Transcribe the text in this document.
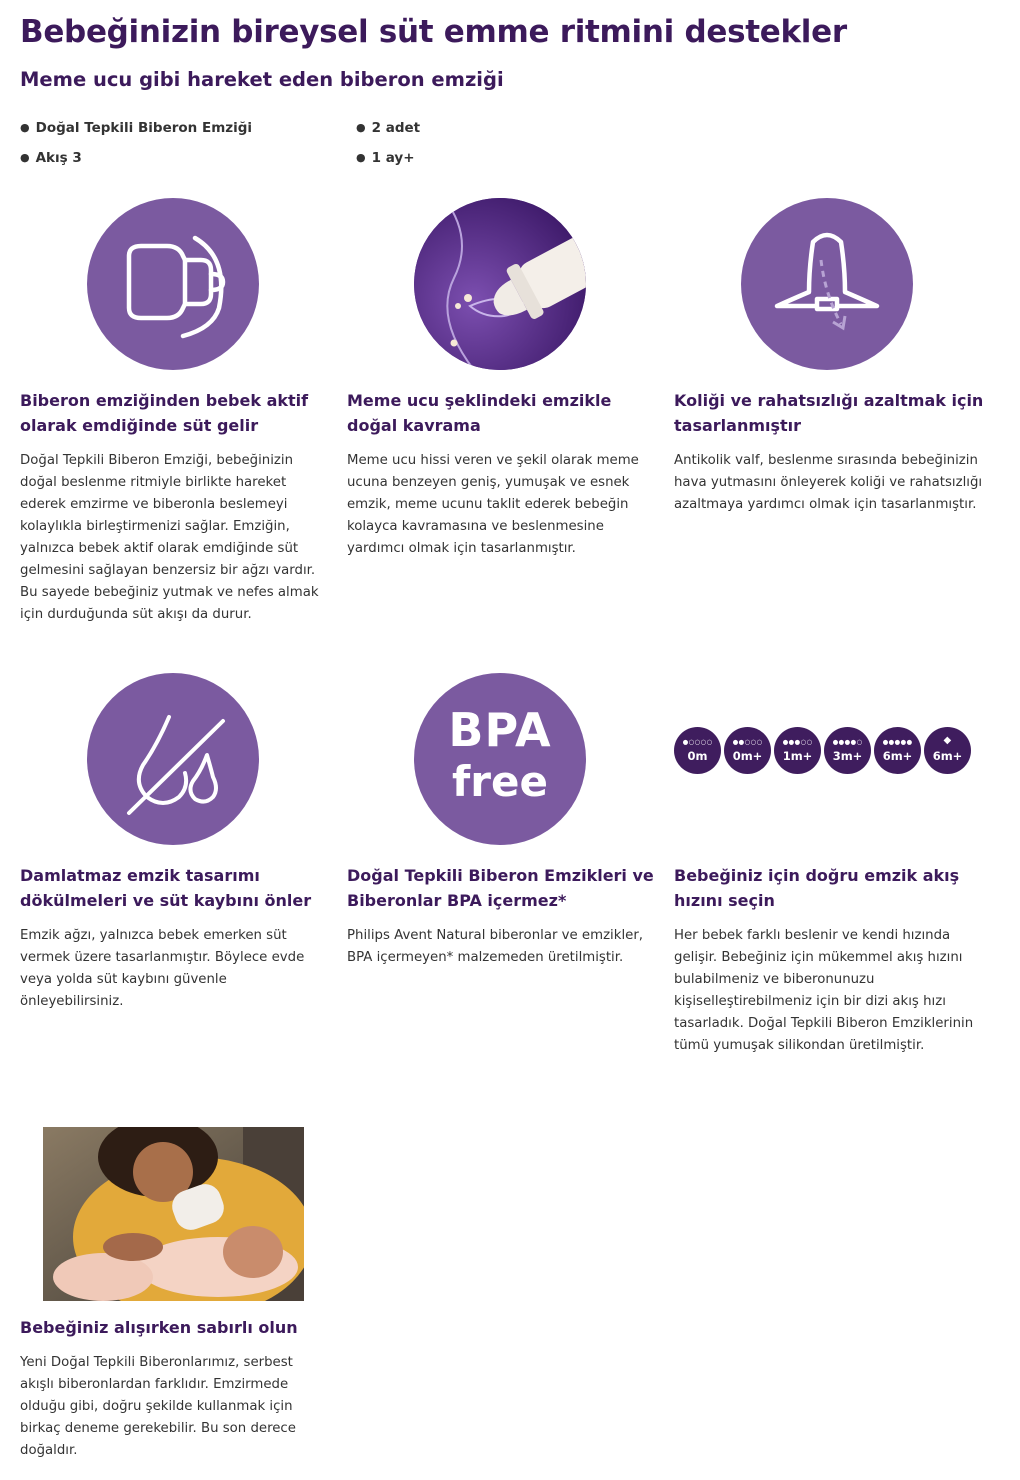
Bebeğinizin bireysel süt emme ritmini destekler
Meme ucu gibi hareket eden biberon emziği
● Doğal Tepkili Biberon Emziği	● 2 adet
● Akış 3	● 1 ay+
Biberon emziğinden bebek aktif olarak emdiğinde süt gelir
Doğal Tepkili Biberon Emziği, bebeğinizin doğal beslenme ritmiyle birlikte hareket ederek emzirme ve biberonla beslemeyi kolaylıkla birleştirmenizi sağlar. Emziğin, yalnızca bebek aktif olarak emdiğinde süt gelmesini sağlayan benzersiz bir ağzı vardır. Bu sayede bebeğiniz yutmak ve nefes almak için durduğunda süt akışı da durur.
Meme ucu şeklindeki emzikle doğal kavrama
Meme ucu hissi veren ve şekil olarak meme ucuna benzeyen geniş, yumuşak ve esnek emzik, meme ucunu taklit ederek bebeğin kolayca kavramasına ve beslenmesine yardımcı olmak için tasarlanmıştır.
Koliği ve rahatsızlığı azaltmak için tasarlanmıştır
Antikolik valf, beslenme sırasında bebeğinizin hava yutmasını önleyerek koliği ve rahatsızlığı azaltmaya yardımcı olmak için tasarlanmıştır.
Damlatmaz emzik tasarımı dökülmeleri ve süt kaybını önler
Emzik ağzı, yalnızca bebek emerken süt vermek üzere tasarlanmıştır. Böylece evde veya yolda süt kaybını güvenle önleyebilirsiniz.
BPA
free
Doğal Tepkili Biberon Emzikleri ve Biberonlar BPA içermez*
Philips Avent Natural biberonlar ve emzikler, BPA içermeyen* malzemeden üretilmiştir.
●○○○○
0m
●●○○○
0m+
●●●○○
1m+
●●●●○
3m+
●●●●●
6m+
◆
6m+
Bebeğiniz için doğru emzik akış hızını seçin
Her bebek farklı beslenir ve kendi hızında gelişir. Bebeğiniz için mükemmel akış hızını bulabilmeniz ve biberonunuzu kişiselleştirebilmeniz için bir dizi akış hızı tasarladık. Doğal Tepkili Biberon Emziklerinin tümü yumuşak silikondan üretilmiştir.
Bebeğiniz alışırken sabırlı olun
Yeni Doğal Tepkili Biberonlarımız, serbest akışlı biberonlardan farklıdır. Emzirmede olduğu gibi, doğru şekilde kullanmak için birkaç deneme gerekebilir. Bu son derece doğaldır.
